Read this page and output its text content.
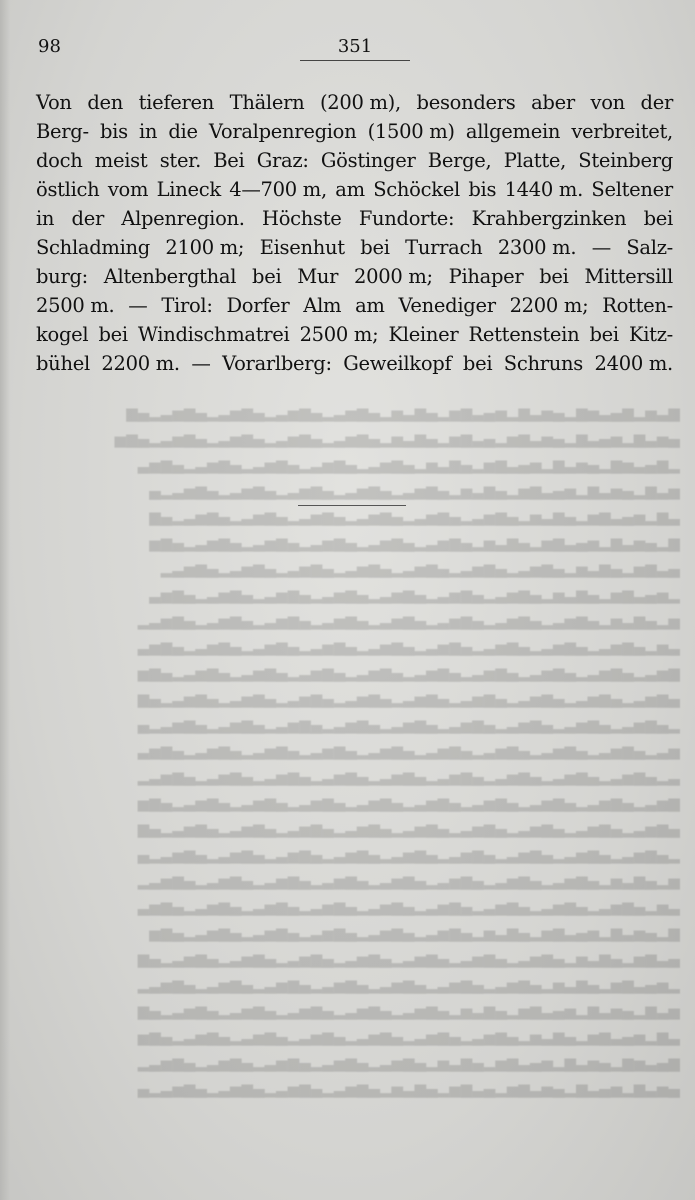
▆▃▅▂▆▄▃▅▆▂▄▅▃▆▂▅▄▃▆▅▂▄▆▃▅▂▄▆▅▃▂▄▆▅▃▂▄▆▅▃▂▄▆▅▃▂▄▆
▄▅▃▆▂▅▄▃▆▂▄▅▃▆▅▂▄▃▆▅▂▄▆▃▅▂▄▆▅▃▂▄▆▅▃▂▄▆▅▃▂▄▆▅▃▂▄▆▅
▂▆▄▃▅▆▂▄▅▃▆▂▅▄▃▆▅▂▄▆▃▅▂▄▆▅▃▂▄▆▅▃▂▄▆▅▃▂▄▆▅▃▂▄▆▅▃
▅▃▆▂▄▅▃▆▂▅▄▃▆▅▂▄▆▃▅▂▄▆▅▃▂▄▆▅▃▂▄▆▅▃▂▄▆▅▃▂▄▆▅▃▂▄
▃▆▂▅▄▃▆▅▂▄▆▃▅▂▄▆▅▃▂▄▆▅▃▂▄▆▅▃▂▄▆▅▃▂▄▆▅▃▂▄▆▅▃▂▄▆
▆▂▄▅▃▆▂▅▄▃▆▅▂▄▆▃▅▂▄▆▅▃▂▄▆▅▃▂▄▆▅▃▂▄▆▅▃▂▄▆▅▃▂▄▆▅
▄▃▆▅▂▄▆▃▅▂▄▆▅▃▂▄▆▅▃▂▄▆▅▃▂▄▆▅▃▂▄▆▅▃▂▄▆▅▃▂▄▆▅▃▂
▂▅▄▃▆▅▂▄▆▃▅▂▄▆▅▃▂▄▆▅▃▂▄▆▅▃▂▄▆▅▃▂▄▆▅▃▂▄▆▅▃▂▄▆▅▃
▅▂▄▆▃▅▂▄▆▅▃▂▄▆▅▃▂▄▆▅▃▂▄▆▅▃▂▄▆▅▃▂▄▆▅▃▂▄▆▅▃▂▄▆▅▃▂
▃▅▂▄▆▅▃▂▄▆▅▃▂▄▆▅▃▂▄▆▅▃▂▄▆▅▃▂▄▆▅▃▂▄▆▅▃▂▄▆▅▃▂▄▆▅▃
▆▅▃▂▄▆▅▃▂▄▆▅▃▂▄▆▅▃▂▄▆▅▃▂▄▆▅▃▂▄▆▅▃▂▄▆▅▃▂▄▆▅▃▂▄▆▅
▄▆▅▃▂▄▆▅▃▂▄▆▅▃▂▄▆▅▃▂▄▆▅▃▂▄▆▅▃▂▄▆▅▃▂▄▆▅▃▂▄▆▅▃▂▄▆
▂▄▆▅▃▂▄▆▅▃▂▄▆▅▃▂▄▆▅▃▂▄▆▅▃▂▄▆▅▃▂▄▆▅▃▂▄▆▅▃▂▄▆▅▃▂▄
▅▃▂▄▆▅▃▂▄▆▅▃▂▄▆▅▃▂▄▆▅▃▂▄▆▅▃▂▄▆▅▃▂▄▆▅▃▂▄▆▅▃▂▄▆▅▃
▃▂▄▆▅▃▂▄▆▅▃▂▄▆▅▃▂▄▆▅▃▂▄▆▅▃▂▄▆▅▃▂▄▆▅▃▂▄▆▅▃▂▄▆▅▃▂
▆▅▃▂▄▆▅▃▂▄▆▅▃▂▄▆▅▃▂▄▆▅▃▂▄▆▅▃▂▄▆▅▃▂▄▆▅▃▂▄▆▅▃▂▄▆▅
▄▆▅▃▂▄▆▅▃▂▄▆▅▃▂▄▆▅▃▂▄▆▅▃▂▄▆▅▃▂▄▆▅▃▂▄▆▅▃▂▄▆▅▃▂▄▆
▂▄▆▅▃▂▄▆▅▃▂▄▆▅▃▂▄▆▅▃▂▄▆▅▃▂▄▆▅▃▂▄▆▅▃▂▄▆▅▃▂▄▆▅▃▂▄
▅▂▄▆▃▅▂▄▆▅▃▂▄▆▅▃▂▄▆▅▃▂▄▆▅▃▂▄▆▅▃▂▄▆▅▃▂▄▆▅▃▂▄▆▅▃▂
▃▅▂▄▆▅▃▂▄▆▅▃▂▄▆▅▃▂▄▆▅▃▂▄▆▅▃▂▄▆▅▃▂▄▆▅▃▂▄▆▅▃▂▄▆▅▃
▆▂▄▅▃▆▂▅▄▃▆▅▂▄▆▃▅▂▄▆▅▃▂▄▆▅▃▂▄▆▅▃▂▄▆▅▃▂▄▆▅▃▂▄▆▅
▄▃▆▅▂▄▆▃▅▂▄▆▅▃▂▄▆▅▃▂▄▆▅▃▂▄▆▅▃▂▄▆▅▃▂▄▆▅▃▂▄▆▅▃▂▄▆
▂▅▄▃▆▅▂▄▆▃▅▂▄▆▅▃▂▄▆▅▃▂▄▆▅▃▂▄▆▅▃▂▄▆▅▃▂▄▆▅▃▂▄▆▅▃▂
▅▃▆▂▄▅▃▆▂▅▄▃▆▅▂▄▆▃▅▂▄▆▅▃▂▄▆▅▃▂▄▆▅▃▂▄▆▅▃▂▄▆▅▃▂▄▆
▃▆▂▅▄▃▆▅▂▄▆▃▅▂▄▆▅▃▂▄▆▅▃▂▄▆▅▃▂▄▆▅▃▂▄▆▅▃▂▄▆▅▃▂▄▆▅
▆▄▃▅▆▂▄▅▃▆▂▅▄▃▆▅▂▄▆▃▅▂▄▆▅▃▂▄▆▅▃▂▄▆▅▃▂▄▆▅▃▂▄▆▅▃▂
▄▅▃▆▂▅▄▃▆▂▄▅▃▆▅▂▄▃▆▅▂▄▆▃▅▂▄▆▅▃▂▄▆▅▃▂▄▆▅▃▂▄▆▅▃▂▄
98	351
Von den tieferen Thälern (200 m), besonders aber von der
Berg- bis in die Voralpenregion (1500 m) allgemein verbreitet,
doch meist ster. Bei Graz: Göstinger Berge, Platte, Steinberg
östlich vom Lineck 4—700 m, am Schöckel bis 1440 m. Seltener
in der Alpenregion. Höchste Fundorte: Krahbergzinken bei
Schladming 2100 m; Eisenhut bei Turrach 2300 m. — Salz-
burg: Altenbergthal bei Mur 2000 m; Pihaper bei Mittersill
2500 m. — Tirol: Dorfer Alm am Venediger 2200 m; Rotten-
kogel bei Windischmatrei 2500 m; Kleiner Rettenstein bei Kitz-
bühel 2200 m. — Vorarlberg: Geweilkopf bei Schruns 2400 m.
